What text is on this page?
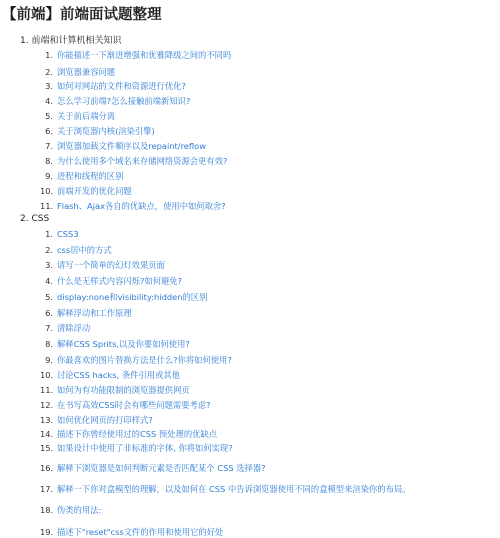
【前端】前端面试题整理
1. 前端和计算机相关知识
1. 你能描述一下渐进增强和优雅降级之间的不同吗
2. 浏览器兼容问题
3. 如何对网站的文件和资源进行优化?
4. 怎么学习前端?怎么接触前端新知识?
5. 关于前后端分离
6. 关于浏览器内核(渲染引擎)
7. 浏览器加载文件顺序以及repaint/reflow
8. 为什么使用多个域名来存储网络资源会更有效?
9. 进程和线程的区别
10. 前端开发的优化问题
11. Flash、Ajax各自的优缺点，使用中如何取舍?
2. CSS
1. CSS3
2. css居中的方式
3. 请写一个简单的幻灯效果页面
4. 什么是无样式内容闪烁?如何避免?
5. display:none和visibility:hidden的区别
6. 解释浮动和工作原理
7. 清除浮动
8. 解释CSS Sprits,以及你要如何使用?
9. 你最喜欢的图片替换方法是什么?你将如何使用?
10. 讨论CSS hacks, 条件引用或其他
11. 如何为有功能限制的浏览器提供网页
12. 在书写高效CSS时会有哪些问题需要考虑?
13. 如何优化网页的打印样式?
14. 描述下你曾经使用过的CSS 预处理的优缺点
15. 如果设计中使用了非标准的字体, 你将如何实现?
16. 解释下浏览器是如何判断元素是否匹配某个 CSS 选择器?
17. 解释一下你对盒模型的理解，以及如何在 CSS 中告诉浏览器使用不同的盒模型来渲染你的布局。
18. 伪类的用法:
19. 描述下"reset"css文件的作用和使用它的好处
